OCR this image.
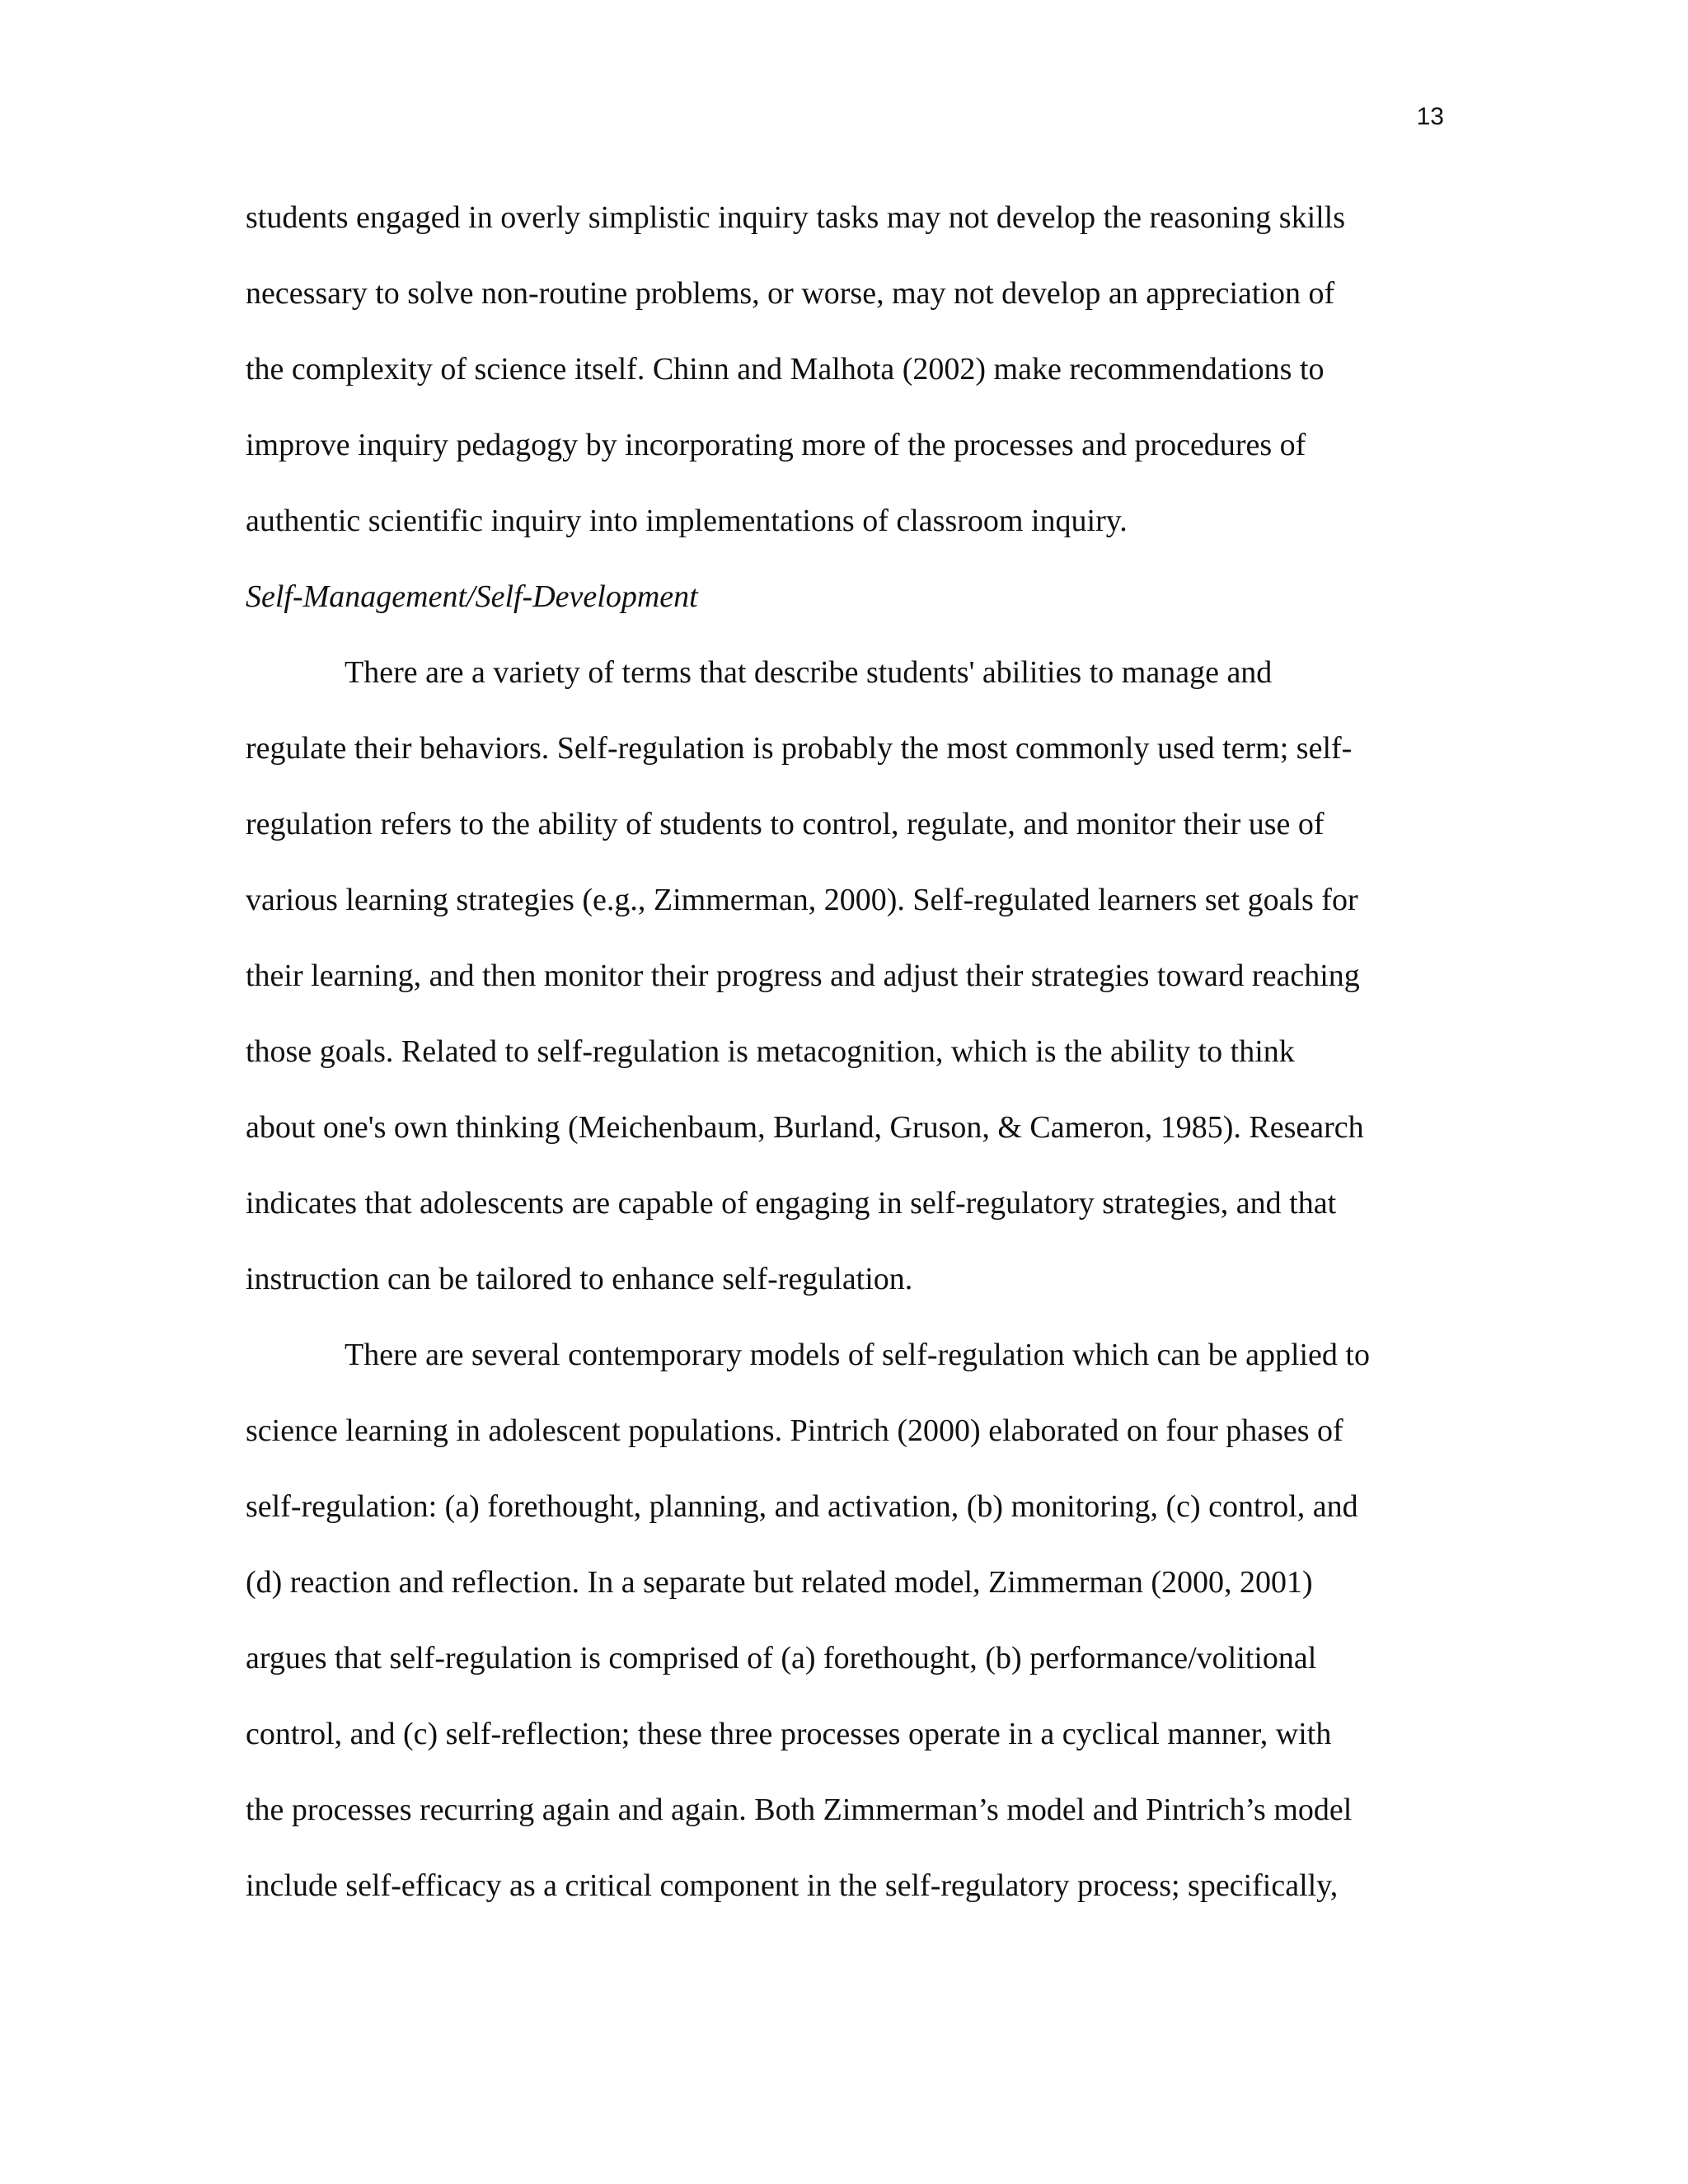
13
students engaged in overly simplistic inquiry tasks may not develop the reasoning skills
necessary to solve non-routine problems, or worse, may not develop an appreciation of
the complexity of science itself. Chinn and Malhota (2002) make recommendations to
improve inquiry pedagogy by incorporating more of the processes and procedures of
authentic scientific inquiry into implementations of classroom inquiry.
Self-Management/Self-Development
There are a variety of terms that describe students' abilities to manage and
regulate their behaviors. Self-regulation is probably the most commonly used term; self-
regulation refers to the ability of students to control, regulate, and monitor their use of
various learning strategies (e.g., Zimmerman, 2000). Self-regulated learners set goals for
their learning, and then monitor their progress and adjust their strategies toward reaching
those goals. Related to self-regulation is metacognition, which is the ability to think
about one's own thinking (Meichenbaum, Burland, Gruson, & Cameron, 1985). Research
indicates that adolescents are capable of engaging in self-regulatory strategies, and that
instruction can be tailored to enhance self-regulation.
There are several contemporary models of self-regulation which can be applied to
science learning in adolescent populations. Pintrich (2000) elaborated on four phases of
self-regulation: (a) forethought, planning, and activation, (b) monitoring, (c) control, and
(d) reaction and reflection. In a separate but related model, Zimmerman (2000, 2001)
argues that self-regulation is comprised of (a) forethought, (b) performance/volitional
control, and (c) self-reflection; these three processes operate in a cyclical manner, with
the processes recurring again and again. Both Zimmerman’s model and Pintrich’s model
include self-efficacy as a critical component in the self-regulatory process; specifically,
